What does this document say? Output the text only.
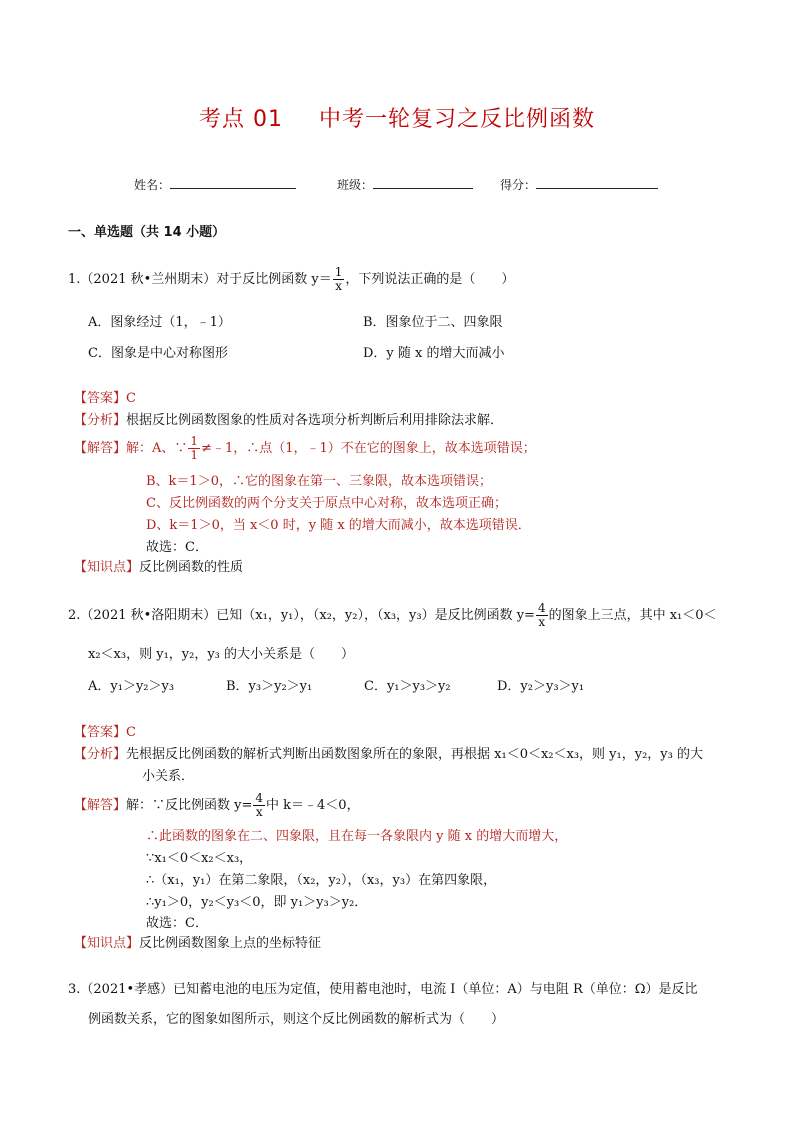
考点 01 中考一轮复习之反比例函数
姓名：	班级：	得分：
一、单选题（共 14 小题）
1.（2021 秋•兰州期末）对于反比例函数 $y= \frac{1}{x}$ ，下列说法正确的是（　　）
A．图象经过（1，﹣1）	B．图象位于二、四象限
C．图象是中心对称图形	D．y 随 x 的增大而减小
【答案】C
【分析】根据反比例函数图象的性质对各选项分析判断后利用排除法求解．
【解答】解：A、∵ $\frac{1}{1}$ ≠﹣1，∴点（1，﹣1）不在它的图象上，故本选项错误；
B、k＝1＞0，∴它的图象在第一、三象限，故本选项错误；
C、反比例函数的两个分支关于原点中心对称，故本选项正确；
D、k＝1＞0，当 x＜0 时，y 随 x 的增大而减小，故本选项错误．
故选：C．
【知识点】反比例函数的性质
2.（2021 秋•洛阳期末）已知（x₁，y₁），（x₂，y₂），（x₃，y₃）是反比例函数 $y= \frac{4}{x}$ 的图象上三点，其中 x₁＜0＜
x₂＜x₃，则 y₁，y₂，y₃ 的大小关系是（　　）
A．y₁＞y₂＞y₃	B．y₃＞y₂＞y₁	C．y₁＞y₃＞y₂	D．y₂＞y₃＞y₁
【答案】C
【分析】先根据反比例函数的解析式判断出函数图象所在的象限，再根据 x₁＜0＜x₂＜x₃，则 y₁，y₂，y₃ 的大
小关系．
【解答】解：∵反比例函数 $y= \frac{4}{x}$ 中 k＝﹣4＜0，
∴此函数的图象在二、四象限，且在每一各象限内 y 随 x 的增大而增大，
∵x₁＜0＜x₂＜x₃，
∴（x₁，y₁）在第二象限，（x₂，y₂），（x₃，y₃）在第四象限，
∴y₁＞0，y₂＜y₃＜0，即 y₁＞y₃＞y₂．
故选：C．
【知识点】反比例函数图象上点的坐标特征
3.（2021•孝感）已知蓄电池的电压为定值，使用蓄电池时，电流 I（单位：A）与电阻 R（单位：Ω）是反比
例函数关系，它的图象如图所示，则这个反比例函数的解析式为（　　）
